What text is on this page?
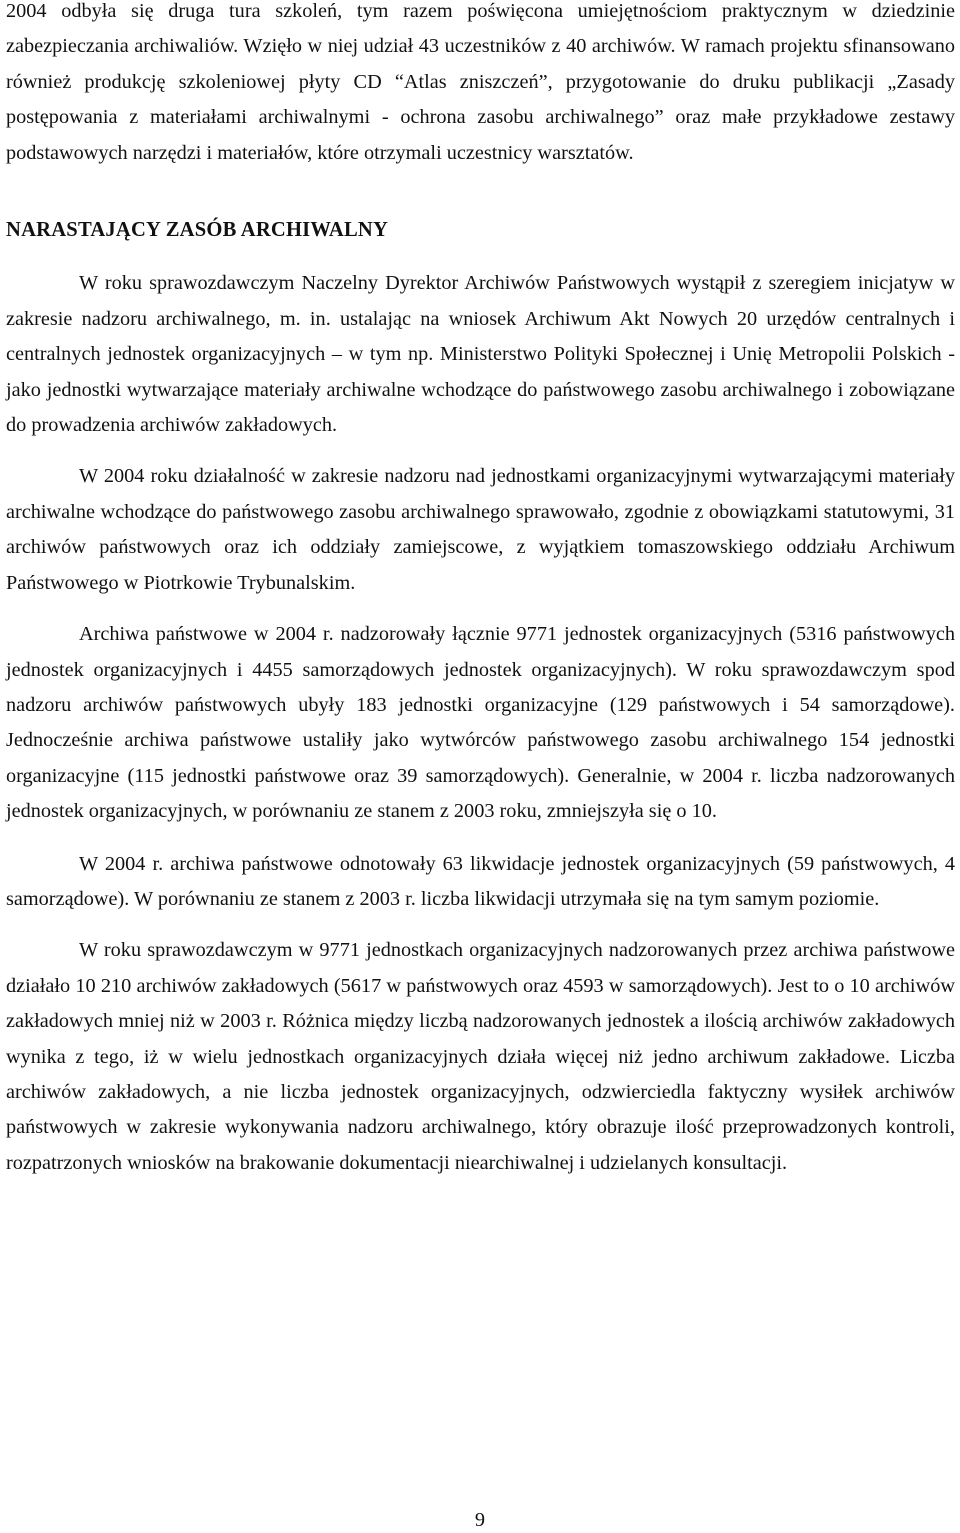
2004 odbyła się druga tura szkoleń, tym razem poświęcona umiejętnościom praktycznym w dziedzinie zabezpieczania archiwaliów. Wzięło w niej udział 43 uczestników z 40 archiwów. W ramach projektu sfinansowano również produkcję szkoleniowej płyty CD “Atlas zniszczeń”, przygotowanie do druku publikacji „Zasady postępowania z materiałami archiwalnymi - ochrona zasobu archiwalnego” oraz małe przykładowe zestawy podstawowych narzędzi i materiałów, które otrzymali uczestnicy warsztatów.

NARASTAJĄCY ZASÓB ARCHIWALNY

W roku sprawozdawczym Naczelny Dyrektor Archiwów Państwowych wystąpił z szeregiem inicjatyw w zakresie nadzoru archiwalnego, m. in. ustalając na wniosek Archiwum Akt Nowych 20 urzędów centralnych i centralnych jednostek organizacyjnych – w tym np. Ministerstwo Polityki Społecznej i Unię Metropolii Polskich - jako jednostki wytwarzające materiały archiwalne wchodzące do państwowego zasobu archiwalnego i zobowiązane do prowadzenia archiwów zakładowych.

W 2004 roku działalność w zakresie nadzoru nad jednostkami organizacyjnymi wytwarzającymi materiały archiwalne wchodzące do państwowego zasobu archiwalnego sprawowało, zgodnie z obowiązkami statutowymi, 31 archiwów państwowych oraz ich oddziały zamiejscowe, z wyjątkiem tomaszowskiego oddziału Archiwum Państwowego w Piotrkowie Trybunalskim.

Archiwa państwowe w 2004 r. nadzorowały łącznie 9771 jednostek organizacyjnych (5316 państwowych jednostek organizacyjnych i 4455 samorządowych jednostek organizacyjnych). W roku sprawozdawczym spod nadzoru archiwów państwowych ubyły 183 jednostki organizacyjne (129 państwowych i 54 samorządowe). Jednocześnie archiwa państwowe ustaliły jako wytwórców państwowego zasobu archiwalnego 154 jednostki organizacyjne (115 jednostki państwowe oraz 39 samorządowych). Generalnie, w 2004 r. liczba nadzorowanych jednostek organizacyjnych, w porównaniu ze stanem z 2003 roku, zmniejszyła się o 10.

W 2004 r. archiwa państwowe odnotowały 63 likwidacje jednostek organizacyjnych (59 państwowych, 4 samorządowe). W porównaniu ze stanem z 2003 r. liczba likwidacji utrzymała się na tym samym poziomie.

W roku sprawozdawczym w 9771 jednostkach organizacyjnych nadzorowanych przez archiwa państwowe działało 10 210 archiwów zakładowych (5617 w państwowych oraz 4593 w samorządowych). Jest to o 10 archiwów zakładowych mniej niż w 2003 r. Różnica między liczbą nadzorowanych jednostek a ilością archiwów zakładowych wynika z tego, iż w wielu jednostkach organizacyjnych działa więcej niż jedno archiwum zakładowe. Liczba archiwów zakładowych, a nie liczba jednostek organizacyjnych, odzwierciedla faktyczny wysiłek archiwów państwowych w zakresie wykonywania nadzoru archiwalnego, który obrazuje ilość przeprowadzonych kontroli, rozpatrzonych wniosków na brakowanie dokumentacji niearchiwalnej i udzielanych konsultacji.

9
